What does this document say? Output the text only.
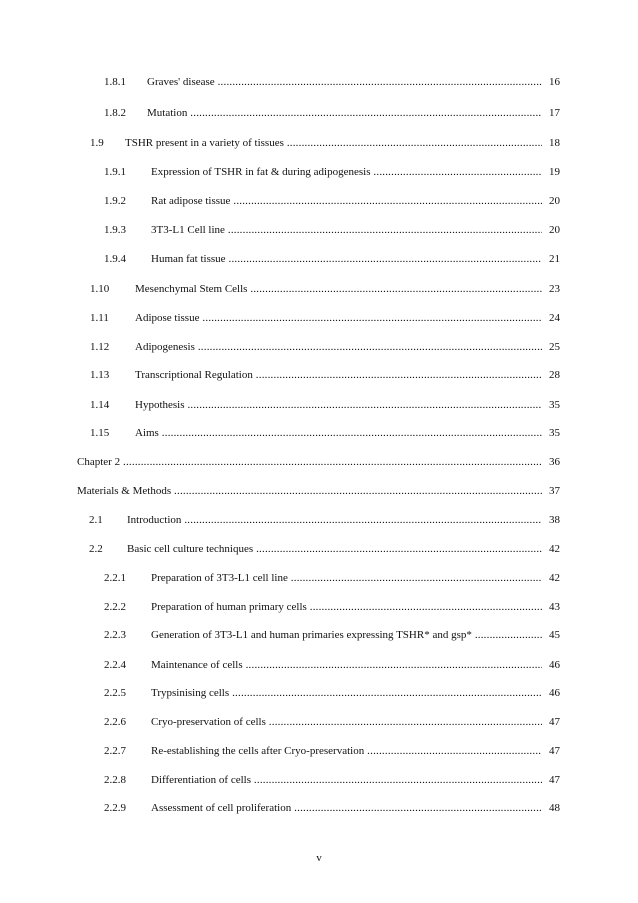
1.8.1 Graves' disease .....	16
1.8.2 Mutation .....	17
1.9 TSHR present in a variety of tissues .....	18
1.9.1 Expression of TSHR in fat & during adipogenesis .....	19
1.9.2 Rat adipose tissue .....	20
1.9.3 3T3-L1 Cell line .....	20
1.9.4 Human fat tissue .....	21
1.10 Mesenchymal Stem Cells .....	23
1.11 Adipose tissue .....	24
1.12 Adipogenesis .....	25
1.13 Transcriptional Regulation .....	28
1.14 Hypothesis .....	35
1.15 Aims .....	35
Chapter 2 .....	36
Materials & Methods .....	37
2.1 Introduction .....	38
2.2 Basic cell culture techniques .....	42
2.2.1 Preparation of 3T3-L1 cell line .....	42
2.2.2 Preparation of human primary cells .....	43
2.2.3 Generation of 3T3-L1 and human primaries expressing TSHR* and gsp* .....	45
2.2.4 Maintenance of cells .....	46
2.2.5 Trypsinising cells .....	46
2.2.6 Cryo-preservation of cells .....	47
2.2.7 Re-establishing the cells after Cryo-preservation .....	47
2.2.8 Differentiation of cells .....	47
2.2.9 Assessment of cell proliferation .....	48
v
